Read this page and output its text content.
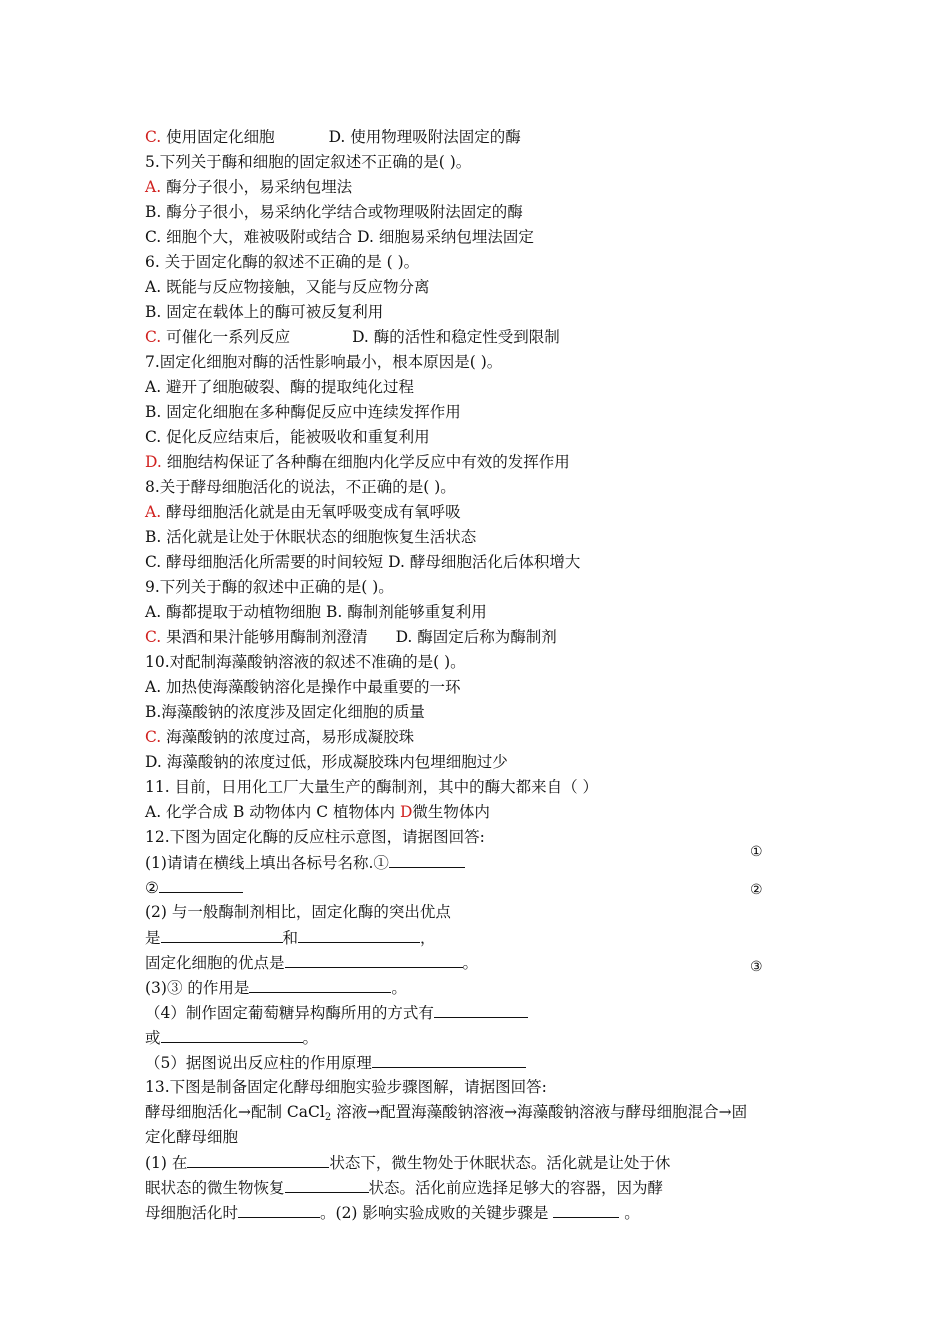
C. 使用固定化细胞	D. 使用物理吸附法固定的酶
5.下列关于酶和细胞的固定叙述不正确的是( )。
A. 酶分子很小，易采纳包埋法
B. 酶分子很小，易采纳化学结合或物理吸附法固定的酶
C. 细胞个大，难被吸附或结合 D. 细胞易采纳包埋法固定
6. 关于固定化酶的叙述不正确的是 ( )。
A. 既能与反应物接触，又能与反应物分离
B. 固定在载体上的酶可被反复利用
C. 可催化一系列反应	D. 酶的活性和稳定性受到限制
7.固定化细胞对酶的活性影响最小，根本原因是( )。
A. 避开了细胞破裂、酶的提取纯化过程
B. 固定化细胞在多种酶促反应中连续发挥作用
C. 促化反应结束后，能被吸收和重复利用
D. 细胞结构保证了各种酶在细胞内化学反应中有效的发挥作用
8.关于酵母细胞活化的说法，不正确的是( )。
A. 酵母细胞活化就是由无氧呼吸变成有氧呼吸
B. 活化就是让处于休眠状态的细胞恢复生活状态
C. 酵母细胞活化所需要的时间较短 D. 酵母细胞活化后体积增大
9.下列关于酶的叙述中正确的是( )。
A. 酶都提取于动植物细胞 B. 酶制剂能够重复利用
C. 果酒和果汁能够用酶制剂澄清 D. 酶固定后称为酶制剂
10.对配制海藻酸钠溶液的叙述不准确的是( )。
A. 加热使海藻酸钠溶化是操作中最重要的一环
B.海藻酸钠的浓度涉及固定化细胞的质量
C. 海藻酸钠的浓度过高，易形成凝胶珠
D. 海藻酸钠的浓度过低，形成凝胶珠内包埋细胞过少
11. 目前，日用化工厂大量生产的酶制剂，其中的酶大都来自（ ）
A. 化学合成 B 动物体内 C 植物体内 D微生物体内
12.下图为固定化酶的反应柱示意图，请据图回答:
(1)请请在横线上填出各标号名称.①
②
(2) 与一般酶制剂相比，固定化酶的突出优点
是	和	，
固定化细胞的优点是	。
(3)③ 的作用是	。
（4）制作固定葡萄糖异构酶所用的方式有
或	。
（5）据图说出反应柱的作用原理
①
②
③
13.下图是制备固定化酵母细胞实验步骤图解，请据图回答:
酵母细胞活化→配制 CaCl$_2$ 溶液→配置海藻酸钠溶液→海藻酸钠溶液与酵母细胞混合→固
定化酵母细胞
(1) 在	状态下，微生物处于休眠状态。活化就是让处于休
眠状态的微生物恢复	状态。活化前应选择足够大的容器，因为酵
母细胞活化时	。(2) 影响实验成败的关键步骤是	。
